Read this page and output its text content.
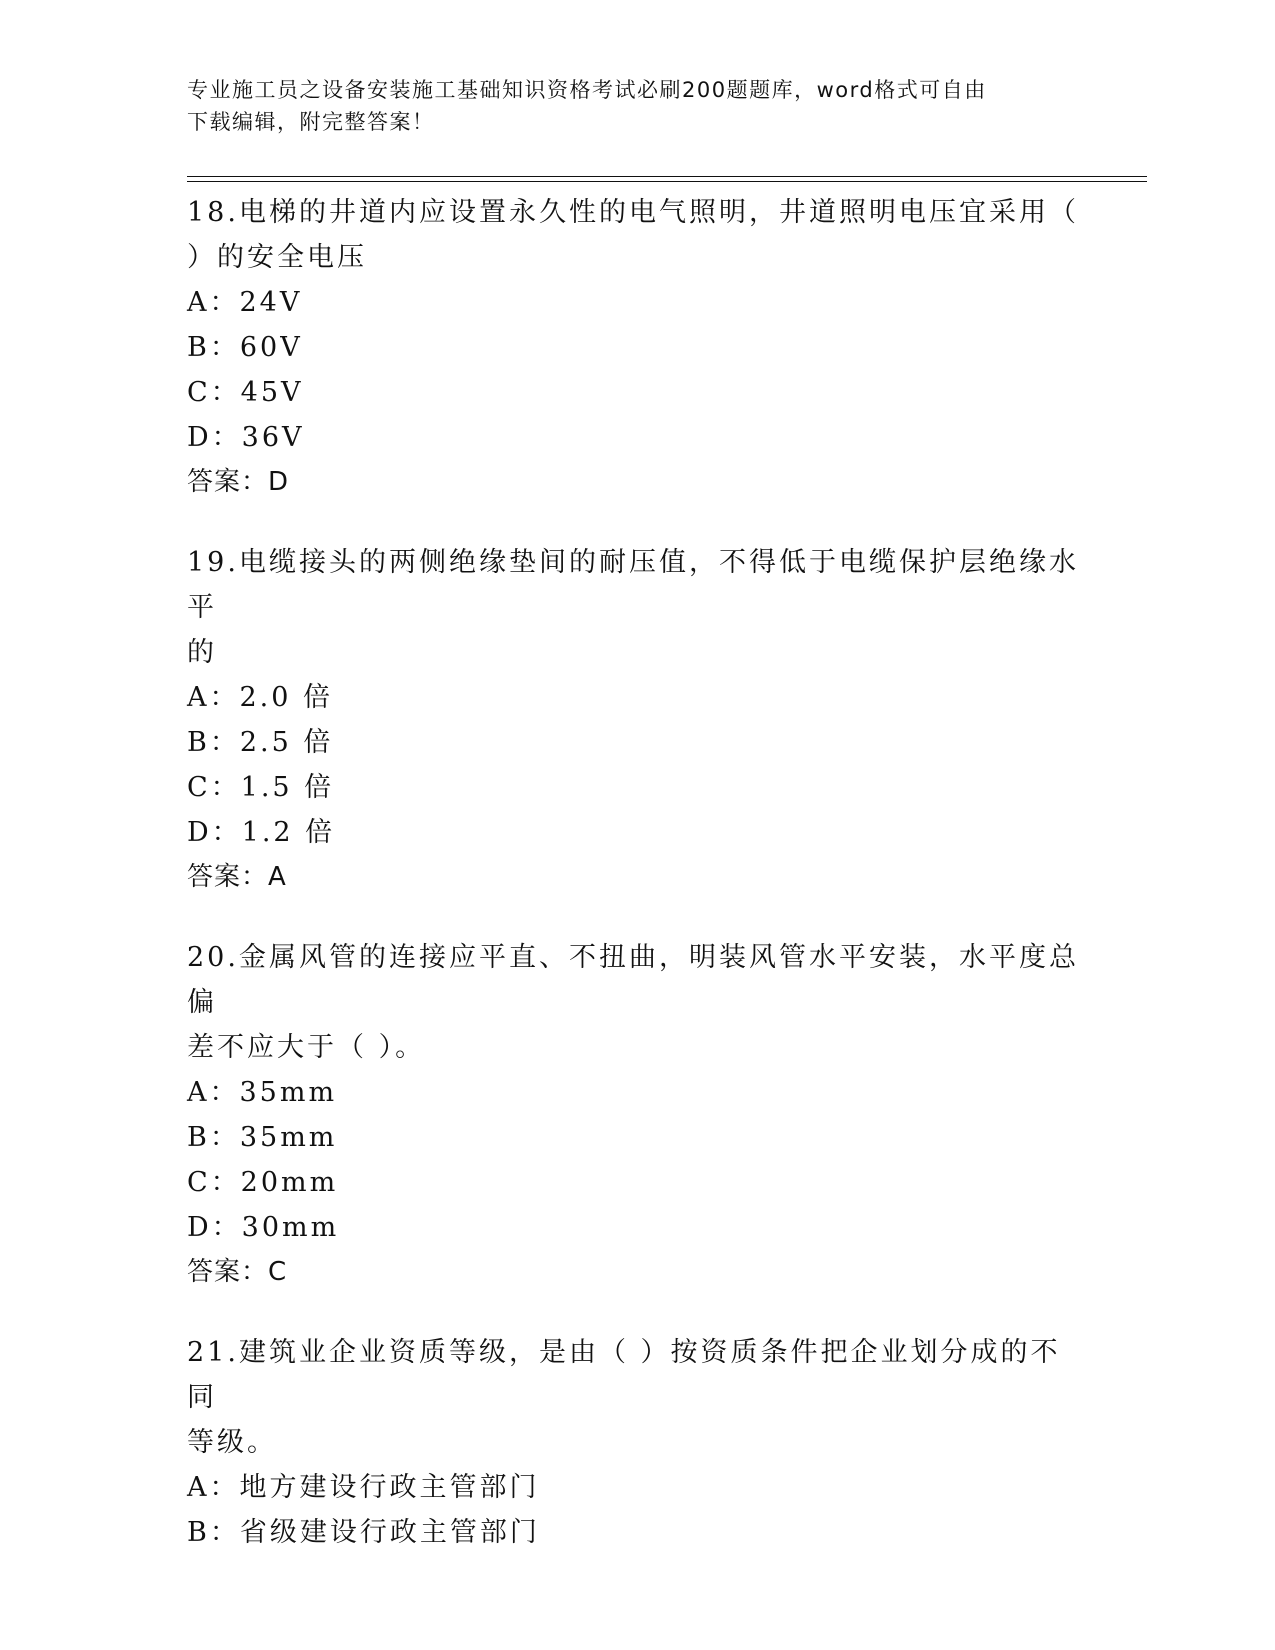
专业施工员之设备安装施工基础知识资格考试必刷200题题库，word格式可自由
下载编辑，附完整答案！
18.电梯的井道内应设置永久性的电气照明，井道照明电压宜采用（
）的安全电压
A：24V
B：60V
C：45V
D：36V
答案：D
19.电缆接头的两侧绝缘垫间的耐压值，不得低于电缆保护层绝缘水平
的
A：2.0 倍
B：2.5 倍
C：1.5 倍
D：1.2 倍
答案：A
20.金属风管的连接应平直、不扭曲，明装风管水平安装，水平度总偏
差不应大于（ ）。
A：35mm
B：35mm
C：20mm
D：30mm
答案：C
21.建筑业企业资质等级，是由（ ）按资质条件把企业划分成的不同
等级。
A：地方建设行政主管部门
B：省级建设行政主管部门
